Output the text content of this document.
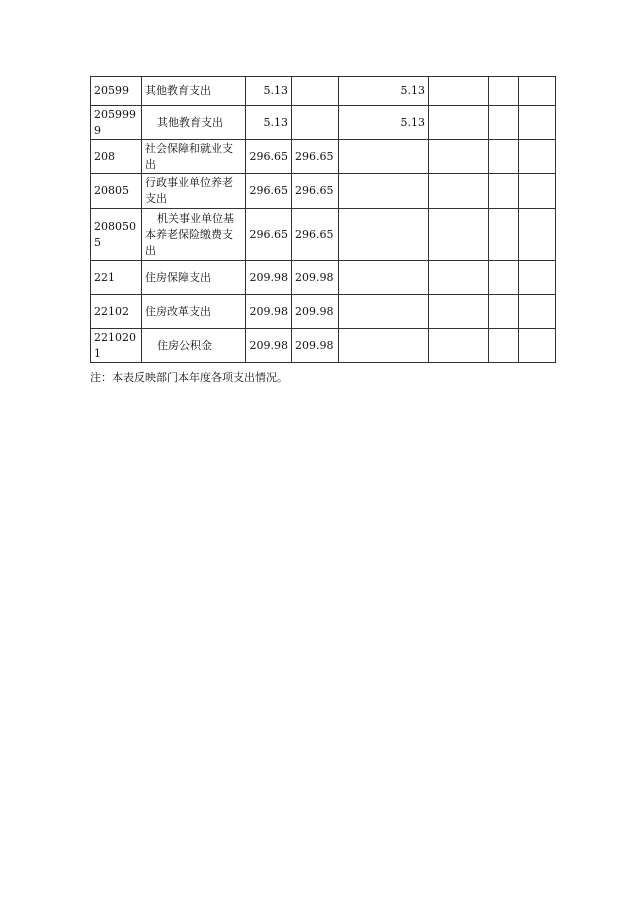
20599	其他教育支出	5.13		5.13			
2059999	其他教育支出	5.13		5.13			
208	社会保障和就业支出	296.65	296.65				
20805	行政事业单位养老支出	296.65	296.65				
2080505	机关事业单位基本养老保险缴费支出	296.65	296.65				
221	住房保障支出	209.98	209.98				
22102	住房改革支出	209.98	209.98				
2210201	住房公积金	209.98	209.98				
注：本表反映部门本年度各项支出情况。
